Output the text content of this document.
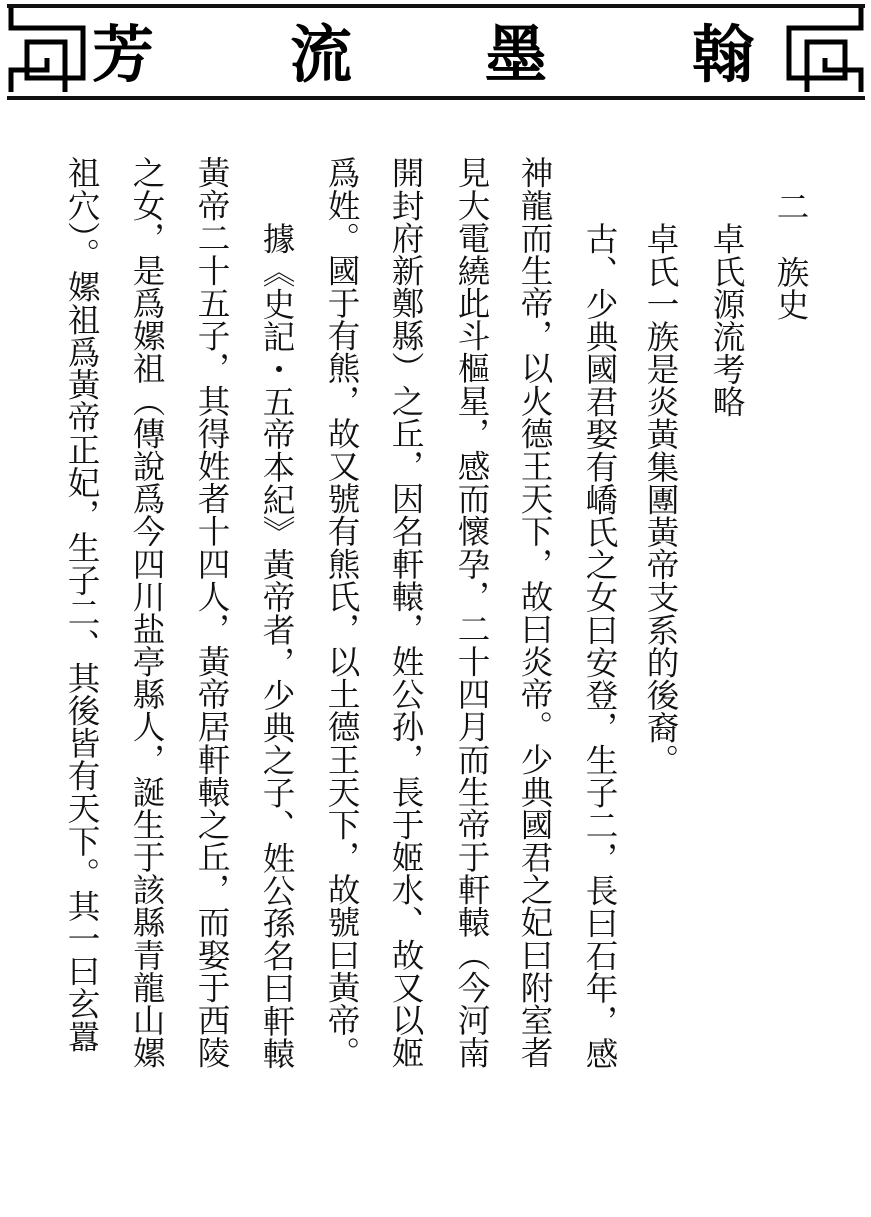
翰
墨
流
芳
二　族史
卓氏源流考略
卓氏一族是炎黃集團黃帝支系的後裔。
古、少典國君娶有嶠氏之女曰安登，生子二，長曰石年，感
神龍而生帝，以火德王天下，故曰炎帝。少典國君之妃曰附室者
見大電繞此斗樞星，感而懷孕，二十四月而生帝于軒轅（今河南
開封府新鄭縣）之丘，因名軒轅，姓公孙，長于姬水、故又以姬
爲姓。國于有熊，故又號有熊氏，以土德王天下，故號曰黃帝。
據《史記・五帝本紀》黃帝者，少典之子、姓公孫名曰軒轅
黃帝二十五子，其得姓者十四人，黃帝居軒轅之丘，而娶于西陵
之女，是爲嫘祖（傳說爲今四川盐亭縣人，誕生于該縣青龍山嫘
祖穴）。嫘祖爲黃帝正妃，生子二、其後皆有天下。其一曰玄囂
